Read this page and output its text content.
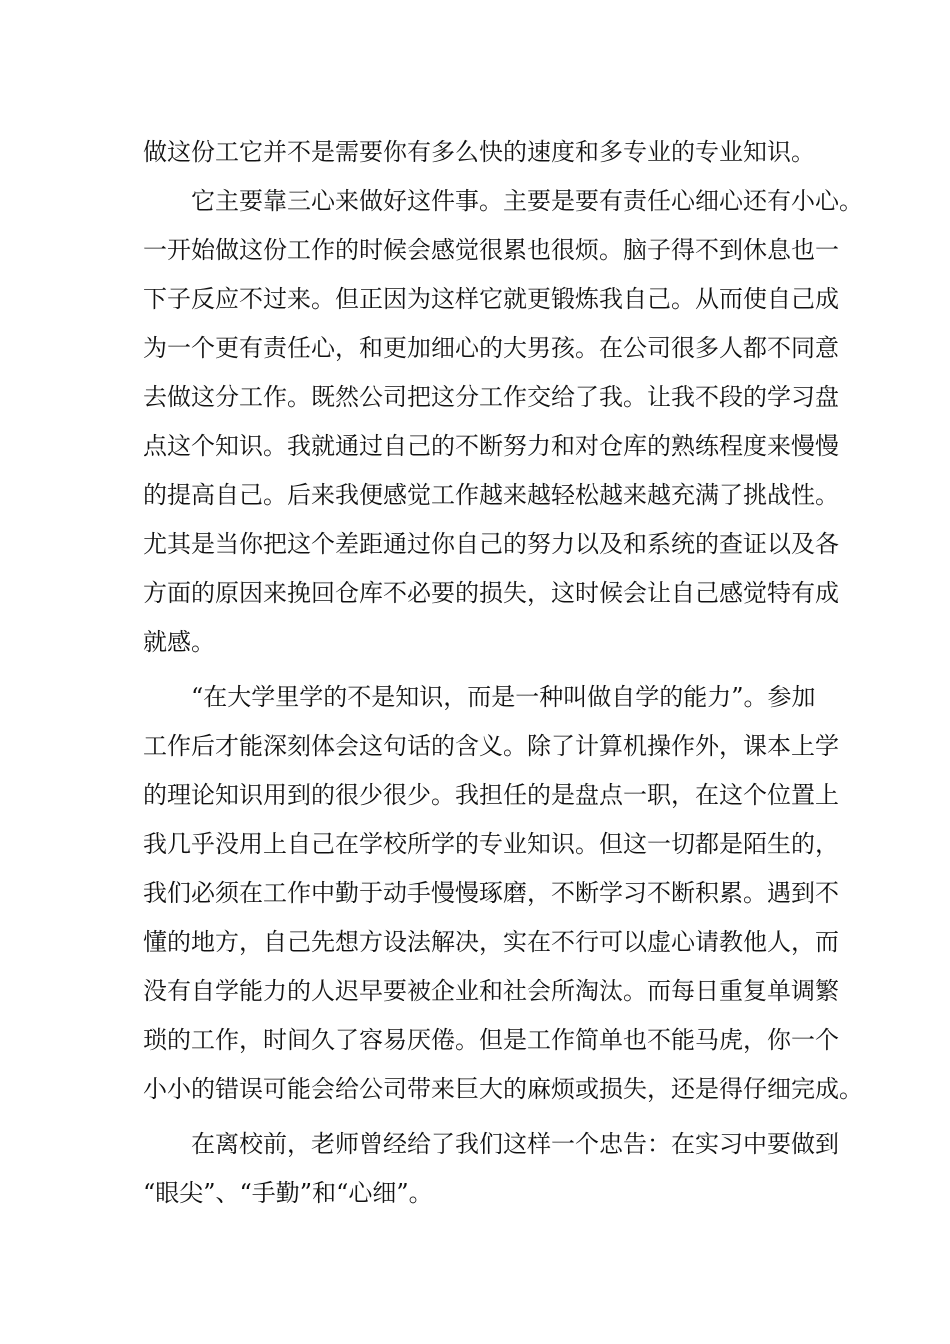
做这份工它并不是需要你有多么快的速度和多专业的专业知识。
它主要靠三心来做好这件事。主要是要有责任心细心还有小心。
一开始做这份工作的时候会感觉很累也很烦。脑子得不到休息也一
下子反应不过来。但正因为这样它就更锻炼我自己。从而使自己成
为一个更有责任心，和更加细心的大男孩。在公司很多人都不同意
去做这分工作。既然公司把这分工作交给了我。让我不段的学习盘
点这个知识。我就通过自己的不断努力和对仓库的熟练程度来慢慢
的提高自己。后来我便感觉工作越来越轻松越来越充满了挑战性。
尤其是当你把这个差距通过你自己的努力以及和系统的查证以及各
方面的原因来挽回仓库不必要的损失，这时候会让自己感觉特有成
就感。
“在大学里学的不是知识，而是一种叫做自学的能力”。参加
工作后才能深刻体会这句话的含义。除了计算机操作外，课本上学
的理论知识用到的很少很少。我担任的是盘点一职，在这个位置上
我几乎没用上自己在学校所学的专业知识。但这一切都是陌生的，
我们必须在工作中勤于动手慢慢琢磨，不断学习不断积累。遇到不
懂的地方，自己先想方设法解决，实在不行可以虚心请教他人，而
没有自学能力的人迟早要被企业和社会所淘汰。而每日重复单调繁
琐的工作，时间久了容易厌倦。但是工作简单也不能马虎，你一个
小小的错误可能会给公司带来巨大的麻烦或损失，还是得仔细完成。
在离校前，老师曾经给了我们这样一个忠告：在实习中要做到
“眼尖”、“手勤”和“心细”。
